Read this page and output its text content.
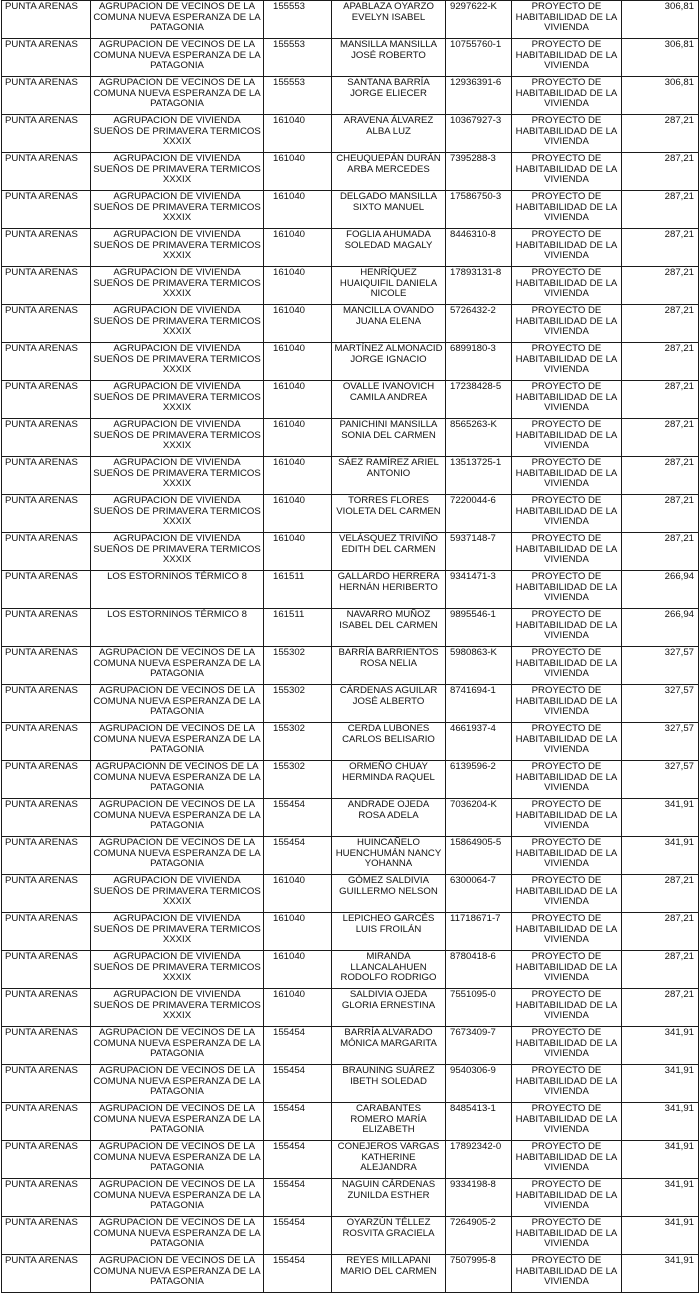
PUNTA ARENAS	AGRUPACION DE VECINOS DE LA COMUNA NUEVA ESPERANZA DE LA PATAGONIA	155553	APABLAZA OYARZO EVELYN ISABEL	9297622-K	PROYECTO DE HABITABILIDAD DE LA VIVIENDA	306,81
PUNTA ARENAS	AGRUPACION DE VECINOS DE LA COMUNA NUEVA ESPERANZA DE LA PATAGONIA	155553	MANSILLA MANSILLA JOSÉ ROBERTO	10755760-1	PROYECTO DE HABITABILIDAD DE LA VIVIENDA	306,81
PUNTA ARENAS	AGRUPACION DE VECINOS DE LA COMUNA NUEVA ESPERANZA DE LA PATAGONIA	155553	SANTANA BARRÍA JORGE ELIECER	12936391-6	PROYECTO DE HABITABILIDAD DE LA VIVIENDA	306,81
PUNTA ARENAS	AGRUPACION DE VIVIENDA SUEÑOS DE PRIMAVERA TERMICOS XXXIX	161040	ARAVENA ÁLVAREZ ALBA LUZ	10367927-3	PROYECTO DE HABITABILIDAD DE LA VIVIENDA	287,21
PUNTA ARENAS	AGRUPACION DE VIVIENDA SUEÑOS DE PRIMAVERA TERMICOS XXXIX	161040	CHEUQUEPÁN DURÁN ARBA MERCEDES	7395288-3	PROYECTO DE HABITABILIDAD DE LA VIVIENDA	287,21
PUNTA ARENAS	AGRUPACION DE VIVIENDA SUEÑOS DE PRIMAVERA TERMICOS XXXIX	161040	DELGADO MANSILLA SIXTO MANUEL	17586750-3	PROYECTO DE HABITABILIDAD DE LA VIVIENDA	287,21
PUNTA ARENAS	AGRUPACION DE VIVIENDA SUEÑOS DE PRIMAVERA TERMICOS XXXIX	161040	FOGLIA AHUMADA SOLEDAD MAGALY	8446310-8	PROYECTO DE HABITABILIDAD DE LA VIVIENDA	287,21
PUNTA ARENAS	AGRUPACION DE VIVIENDA SUEÑOS DE PRIMAVERA TERMICOS XXXIX	161040	HENRÍQUEZ HUAIQUIFIL DANIELA NICOLE	17893131-8	PROYECTO DE HABITABILIDAD DE LA VIVIENDA	287,21
PUNTA ARENAS	AGRUPACION DE VIVIENDA SUEÑOS DE PRIMAVERA TERMICOS XXXIX	161040	MANCILLA OVANDO JUANA ELENA	5726432-2	PROYECTO DE HABITABILIDAD DE LA VIVIENDA	287,21
PUNTA ARENAS	AGRUPACION DE VIVIENDA SUEÑOS DE PRIMAVERA TERMICOS XXXIX	161040	MARTÍNEZ ALMONACID JORGE IGNACIO	6899180-3	PROYECTO DE HABITABILIDAD DE LA VIVIENDA	287,21
PUNTA ARENAS	AGRUPACION DE VIVIENDA SUEÑOS DE PRIMAVERA TERMICOS XXXIX	161040	OVALLE IVANOVICH CAMILA ANDREA	17238428-5	PROYECTO DE HABITABILIDAD DE LA VIVIENDA	287,21
PUNTA ARENAS	AGRUPACION DE VIVIENDA SUEÑOS DE PRIMAVERA TERMICOS XXXIX	161040	PANICHINI MANSILLA SONIA DEL CARMEN	8565263-K	PROYECTO DE HABITABILIDAD DE LA VIVIENDA	287,21
PUNTA ARENAS	AGRUPACION DE VIVIENDA SUEÑOS DE PRIMAVERA TERMICOS XXXIX	161040	SÁEZ RAMÍREZ ARIEL ANTONIO	13513725-1	PROYECTO DE HABITABILIDAD DE LA VIVIENDA	287,21
PUNTA ARENAS	AGRUPACION DE VIVIENDA SUEÑOS DE PRIMAVERA TERMICOS XXXIX	161040	TORRES FLORES VIOLETA DEL CARMEN	7220044-6	PROYECTO DE HABITABILIDAD DE LA VIVIENDA	287,21
PUNTA ARENAS	AGRUPACION DE VIVIENDA SUEÑOS DE PRIMAVERA TERMICOS XXXIX	161040	VELÁSQUEZ TRIVIÑO EDITH DEL CARMEN	5937148-7	PROYECTO DE HABITABILIDAD DE LA VIVIENDA	287,21
PUNTA ARENAS	LOS ESTORNINOS TÉRMICO 8	161511	GALLARDO HERRERA HERNÁN HERIBERTO	9341471-3	PROYECTO DE HABITABILIDAD DE LA VIVIENDA	266,94
PUNTA ARENAS	LOS ESTORNINOS TÉRMICO 8	161511	NAVARRO MUÑOZ ISABEL DEL CARMEN	9895546-1	PROYECTO DE HABITABILIDAD DE LA VIVIENDA	266,94
PUNTA ARENAS	AGRUPACION DE VECINOS DE LA COMUNA NUEVA ESPERANZA DE LA PATAGONIA	155302	BARRÍA BARRIENTOS ROSA NELIA	5980863-K	PROYECTO DE HABITABILIDAD DE LA VIVIENDA	327,57
PUNTA ARENAS	AGRUPACION DE VECINOS DE LA COMUNA NUEVA ESPERANZA DE LA PATAGONIA	155302	CÁRDENAS AGUILAR JOSÉ ALBERTO	8741694-1	PROYECTO DE HABITABILIDAD DE LA VIVIENDA	327,57
PUNTA ARENAS	AGRUPACION DE VECINOS DE LA COMUNA NUEVA ESPERANZA DE LA PATAGONIA	155302	CERDA LUBONES CARLOS BELISARIO	4661937-4	PROYECTO DE HABITABILIDAD DE LA VIVIENDA	327,57
PUNTA ARENAS	AGRUPACIONN DE VECINOS DE LA COMUNA NUEVA ESPERANZA DE LA PATAGONIA	155302	ORMEÑO CHUAY HERMINDA RAQUEL	6139596-2	PROYECTO DE HABITABILIDAD DE LA VIVIENDA	327,57
PUNTA ARENAS	AGRUPACION DE VECINOS DE LA COMUNA NUEVA ESPERANZA DE LA PATAGONIA	155454	ANDRADE OJEDA ROSA ADELA	7036204-K	PROYECTO DE HABITABILIDAD DE LA VIVIENDA	341,91
PUNTA ARENAS	AGRUPACION DE VECINOS DE LA COMUNA NUEVA ESPERANZA DE LA PATAGONIA	155454	HUINCAÑELO HUENCHUMÁN NANCY YOHANNA	15864905-5	PROYECTO DE HABITABILIDAD DE LA VIVIENDA	341,91
PUNTA ARENAS	AGRUPACION DE VIVIENDA SUEÑOS DE PRIMAVERA TERMICOS XXXIX	161040	GÓMEZ SALDIVIA GUILLERMO NELSON	6300064-7	PROYECTO DE HABITABILIDAD DE LA VIVIENDA	287,21
PUNTA ARENAS	AGRUPACION DE VIVIENDA SUEÑOS DE PRIMAVERA TERMICOS XXXIX	161040	LEPICHEO GARCÉS LUIS FROILÁN	11718671-7	PROYECTO DE HABITABILIDAD DE LA VIVIENDA	287,21
PUNTA ARENAS	AGRUPACION DE VIVIENDA SUEÑOS DE PRIMAVERA TERMICOS XXXIX	161040	MIRANDA LLANCALAHUEN RODOLFO RODRIGO	8780418-6	PROYECTO DE HABITABILIDAD DE LA VIVIENDA	287,21
PUNTA ARENAS	AGRUPACION DE VIVIENDA SUEÑOS DE PRIMAVERA TERMICOS XXXIX	161040	SALDIVIA OJEDA GLORIA ERNESTINA	7551095-0	PROYECTO DE HABITABILIDAD DE LA VIVIENDA	287,21
PUNTA ARENAS	AGRUPACION DE VECINOS DE LA COMUNA NUEVA ESPERANZA DE LA PATAGONIA	155454	BARRÍA ALVARADO MÓNICA MARGARITA	7673409-7	PROYECTO DE HABITABILIDAD DE LA VIVIENDA	341,91
PUNTA ARENAS	AGRUPACION DE VECINOS DE LA COMUNA NUEVA ESPERANZA DE LA PATAGONIA	155454	BRAUNING SUÁREZ IBETH SOLEDAD	9540306-9	PROYECTO DE HABITABILIDAD DE LA VIVIENDA	341,91
PUNTA ARENAS	AGRUPACION DE VECINOS DE LA COMUNA NUEVA ESPERANZA DE LA PATAGONIA	155454	CARABANTES ROMERO MARÍA ELIZABETH	8485413-1	PROYECTO DE HABITABILIDAD DE LA VIVIENDA	341,91
PUNTA ARENAS	AGRUPACION DE VECINOS DE LA COMUNA NUEVA ESPERANZA DE LA PATAGONIA	155454	CONEJEROS VARGAS KATHERINE ALEJANDRA	17892342-0	PROYECTO DE HABITABILIDAD DE LA VIVIENDA	341,91
PUNTA ARENAS	AGRUPACION DE VECINOS DE LA COMUNA NUEVA ESPERANZA DE LA PATAGONIA	155454	NAGUIN CÁRDENAS ZUNILDA ESTHER	9334198-8	PROYECTO DE HABITABILIDAD DE LA VIVIENDA	341,91
PUNTA ARENAS	AGRUPACION DE VECINOS DE LA COMUNA NUEVA ESPERANZA DE LA PATAGONIA	155454	OYARZÚN TÉLLEZ ROSVITA GRACIELA	7264905-2	PROYECTO DE HABITABILIDAD DE LA VIVIENDA	341,91
PUNTA ARENAS	AGRUPACION DE VECINOS DE LA COMUNA NUEVA ESPERANZA DE LA PATAGONIA	155454	REYES MILLAPANI MARIO DEL CARMEN	7507995-8	PROYECTO DE HABITABILIDAD DE LA VIVIENDA	341,91
